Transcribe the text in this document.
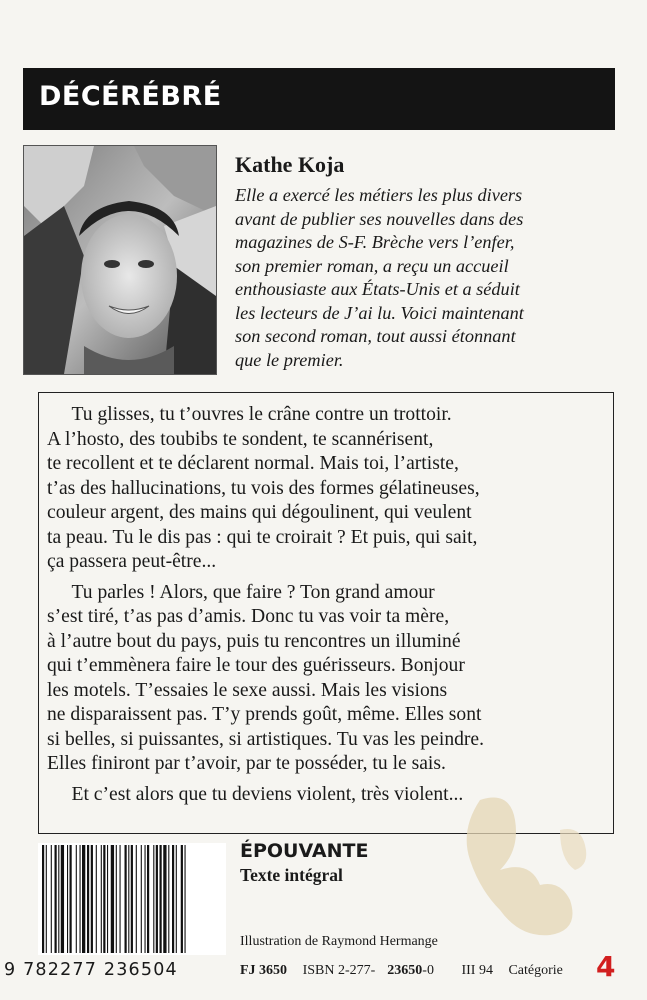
DÉCÉRÉBRÉ
Kathe Koja
Elle a exercé les métiers les plus divers
avant de publier ses nouvelles dans des
magazines de S-F. Brèche vers l’enfer,
son premier roman, a reçu un accueil
enthousiaste aux États-Unis et a séduit
les lecteurs de J’ai lu. Voici maintenant
son second roman, tout aussi étonnant
que le premier.
Tu glisses, tu t’ouvres le crâne contre un trottoir.
A l’hosto, des toubibs te sondent, te scannérisent,
te recollent et te déclarent normal. Mais toi, l’artiste,
t’as des hallucinations, tu vois des formes gélatineuses,
couleur argent, des mains qui dégoulinent, qui veulent
ta peau. Tu le dis pas : qui te croirait ? Et puis, qui sait,
ça passera peut-être...
Tu parles ! Alors, que faire ? Ton grand amour
s’est tiré, t’as pas d’amis. Donc tu vas voir ta mère,
à l’autre bout du pays, puis tu rencontres un illuminé
qui t’emmènera faire le tour des guérisseurs. Bonjour
les motels. T’essaies le sexe aussi. Mais les visions
ne disparaissent pas. T’y prends goût, même. Elles sont
si belles, si puissantes, si artistiques. Tu vas les peindre.
Elles finiront par t’avoir, par te posséder, tu le sais.
Et c’est alors que tu deviens violent, très violent...
9 782277 236504
ÉPOUVANTE
Texte intégral
Illustration de Raymond Hermange
FJ 3650 ISBN 2-277- 23650-0 III 94 Catégorie	4
